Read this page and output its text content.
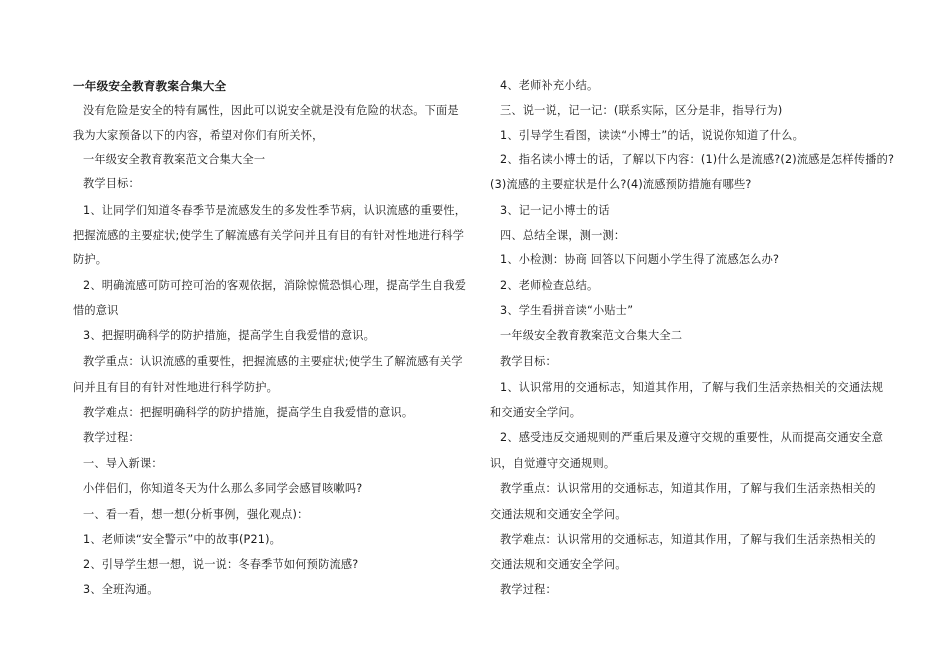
一年级安全教育教案合集大全
没有危险是安全的特有属性，因此可以说安全就是没有危险的状态。下面是
我为大家预备以下的内容，希望对你们有所关怀，
一年级安全教育教案范文合集大全一
教学目标：
1、让同学们知道冬春季节是流感发生的多发性季节病，认识流感的重要性，
把握流感的主要症状;使学生了解流感有关学问并且有目的有针对性地进行科学
防护。
2、明确流感可防可控可治的客观依据，消除惊慌恐惧心理，提高学生自我爱
惜的意识
3、把握明确科学的防护措施，提高学生自我爱惜的意识。
教学重点：认识流感的重要性，把握流感的主要症状;使学生了解流感有关学
问并且有目的有针对性地进行科学防护。
教学难点：把握明确科学的防护措施，提高学生自我爱惜的意识。
教学过程：
一、导入新课：
小伴侣们，你知道冬天为什么那么多同学会感冒咳嗽吗?
一、看一看，想一想(分析事例，强化观点)：
1、老师读“安全警示”中的故事(P21)。
2、引导学生想一想，说一说：冬春季节如何预防流感?
3、全班沟通。
4、老师补充小结。
三、说一说，记一记：(联系实际，区分是非，指导行为)
1、引导学生看图，读读“小博士”的话，说说你知道了什么。
2、指名读小博士的话，了解以下内容：(1)什么是流感?(2)流感是怎样传播的?
(3)流感的主要症状是什么?(4)流感预防措施有哪些?
3、记一记小博士的话
四、总结全课，测一测：
1、小检测：协商 回答以下问题小学生得了流感怎么办?
2、老师检查总结。
3、学生看拼音读“小贴士”
一年级安全教育教案范文合集大全二
教学目标：
1、认识常用的交通标志，知道其作用，了解与我们生活亲热相关的交通法规
和交通安全学问。
2、感受违反交通规则的严重后果及遵守交规的重要性，从而提高交通安全意
识，自觉遵守交通规则。
教学重点：认识常用的交通标志，知道其作用，了解与我们生活亲热相关的
交通法规和交通安全学问。
教学难点：认识常用的交通标志，知道其作用，了解与我们生活亲热相关的
交通法规和交通安全学问。
教学过程：
